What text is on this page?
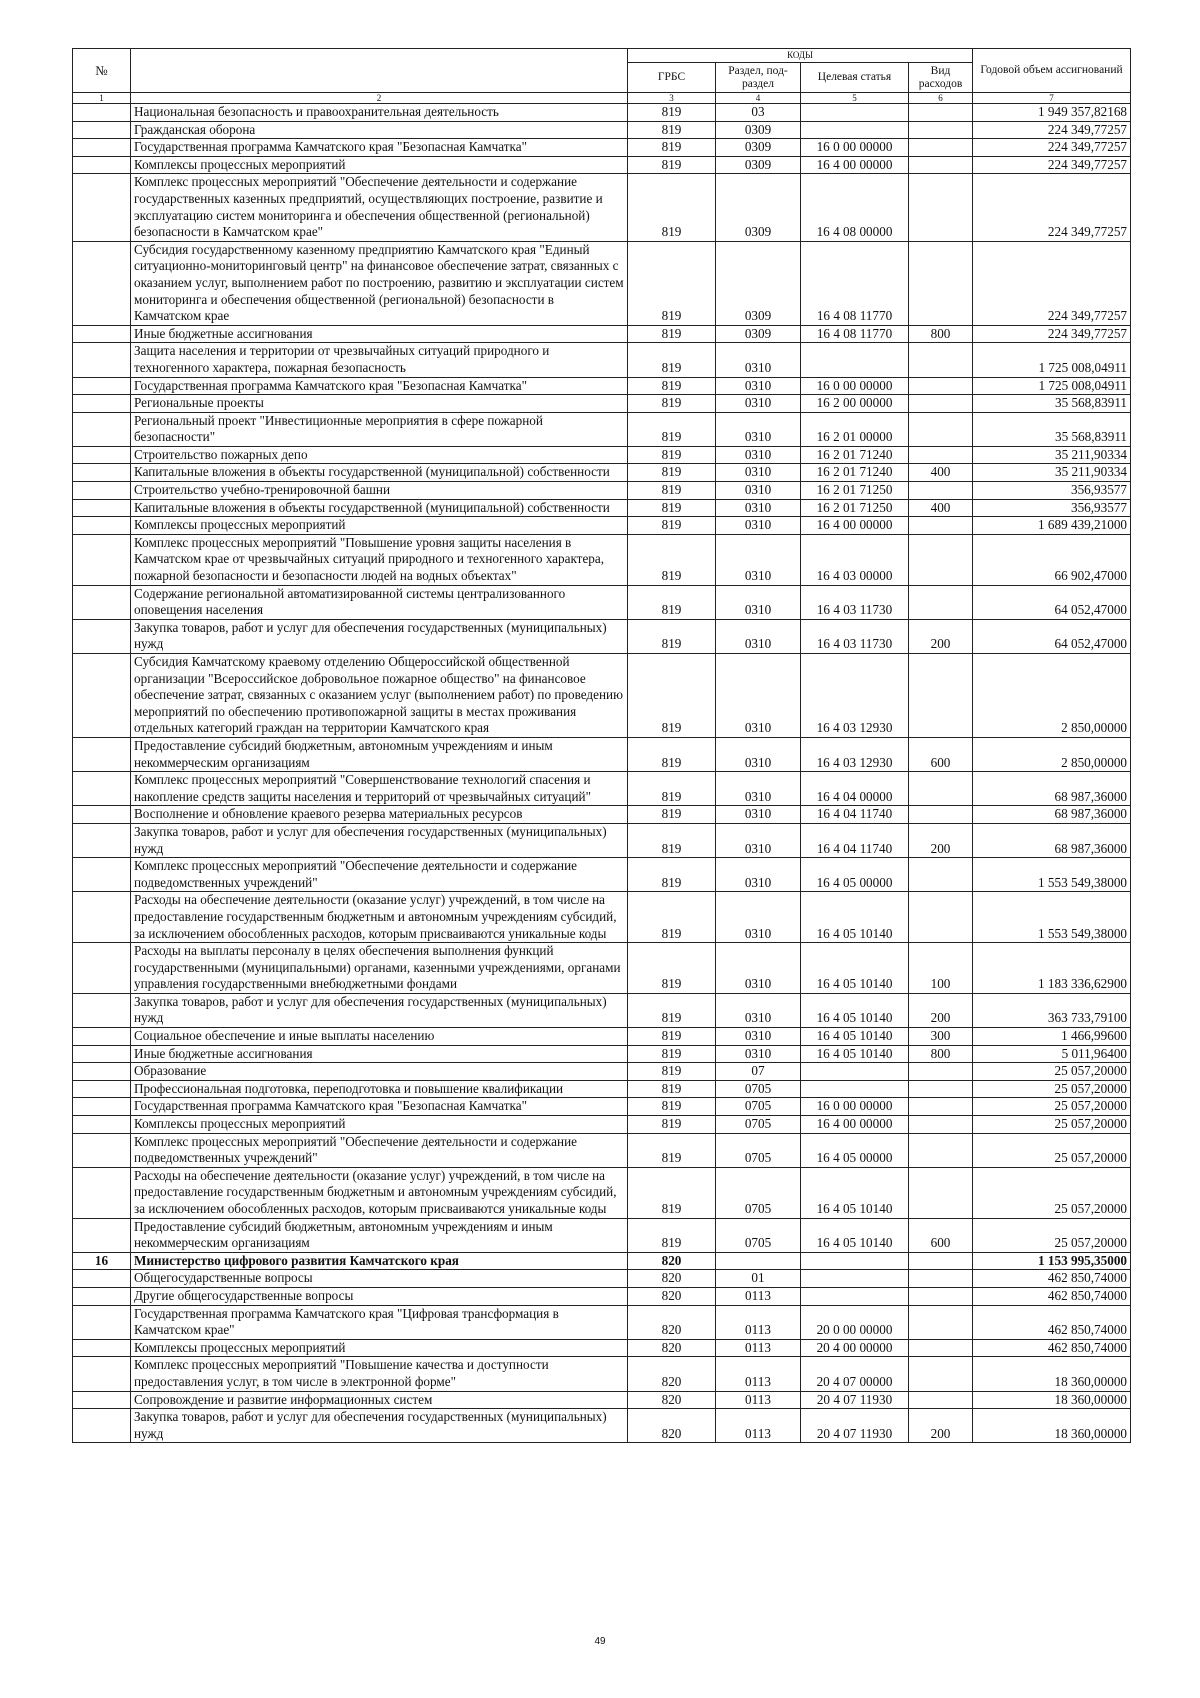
№		КОДЫ				Годовой объем ассигнований
		ГРБС	Раздел, под-раздел	Целевая статья	Вид расходов	

1	2	3	4	5	6	7
	Национальная безопасность и правоохранительная деятельность	819	03			1 949 357,82168
	Гражданская оборона	819	0309			224 349,77257
	Государственная программа Камчатского края "Безопасная Камчатка"	819	0309	16 0 00 00000		224 349,77257
	Комплексы процессных мероприятий	819	0309	16 4 00 00000		224 349,77257
	Комплекс процессных мероприятий "Обеспечение деятельности и содержание государственных казенных предприятий, осуществляющих построение, развитие и эксплуатацию систем мониторинга и обеспечения общественной (региональной) безопасности в Камчатском крае"	819	0309	16 4 08 00000		224 349,77257
	Субсидия государственному казенному предприятию Камчатского края "Единый ситуационно-мониторинговый центр" на финансовое обеспечение затрат, связанных с оказанием услуг, выполнением работ по построению, развитию и эксплуатации систем мониторинга и обеспечения общественной (региональной) безопасности в Камчатском крае	819	0309	16 4 08 11770		224 349,77257
	Иные бюджетные ассигнования	819	0309	16 4 08 11770	800	224 349,77257
	Защита населения и территории от чрезвычайных ситуаций природного и техногенного характера, пожарная безопасность	819	0310			1 725 008,04911
	Государственная программа Камчатского края "Безопасная Камчатка"	819	0310	16 0 00 00000		1 725 008,04911
	Региональные проекты	819	0310	16 2 00 00000		35 568,83911
	Региональный проект "Инвестиционные мероприятия в сфере пожарной безопасности"	819	0310	16 2 01 00000		35 568,83911
	Строительство пожарных депо	819	0310	16 2 01 71240		35 211,90334
	Капитальные вложения в объекты государственной (муниципальной) собственности	819	0310	16 2 01 71240	400	35 211,90334
	Строительство учебно-тренировочной башни	819	0310	16 2 01 71250		356,93577
	Капитальные вложения в объекты государственной (муниципальной) собственности	819	0310	16 2 01 71250	400	356,93577
	Комплексы процессных мероприятий	819	0310	16 4 00 00000		1 689 439,21000
	Комплекс процессных мероприятий "Повышение уровня защиты населения в Камчатском крае от чрезвычайных ситуаций природного и техногенного характера, пожарной безопасности и безопасности людей на водных объектах"	819	0310	16 4 03 00000		66 902,47000
	Содержание региональной автоматизированной системы централизованного оповещения населения	819	0310	16 4 03 11730		64 052,47000
	Закупка товаров, работ и услуг для обеспечения государственных (муниципальных) нужд	819	0310	16 4 03 11730	200	64 052,47000
	Субсидия Камчатскому краевому отделению Общероссийской общественной организации "Всероссийское добровольное пожарное общество" на финансовое обеспечение затрат, связанных с оказанием услуг (выполнением работ) по проведению мероприятий по обеспечению противопожарной защиты в местах проживания отдельных категорий граждан на территории Камчатского края	819	0310	16 4 03 12930		2 850,00000
	Предоставление субсидий бюджетным, автономным учреждениям и иным некоммерческим организациям	819	0310	16 4 03 12930	600	2 850,00000
	Комплекс процессных мероприятий "Совершенствование технологий спасения и накопление средств защиты населения и территорий от чрезвычайных ситуаций"	819	0310	16 4 04 00000		68 987,36000
	Восполнение и обновление краевого резерва материальных ресурсов	819	0310	16 4 04 11740		68 987,36000
	Закупка товаров, работ и услуг для обеспечения государственных (муниципальных) нужд	819	0310	16 4 04 11740	200	68 987,36000
	Комплекс процессных мероприятий "Обеспечение деятельности и содержание подведомственных учреждений"	819	0310	16 4 05 00000		1 553 549,38000
	Расходы на обеспечение деятельности (оказание услуг) учреждений, в том числе на предоставление государственным бюджетным и автономным учреждениям субсидий, за исключением обособленных расходов, которым присваиваются уникальные коды	819	0310	16 4 05 10140		1 553 549,38000
	Расходы на выплаты персоналу в целях обеспечения выполнения функций государственными (муниципальными) органами, казенными учреждениями, органами управления государственными внебюджетными фондами	819	0310	16 4 05 10140	100	1 183 336,62900
	Закупка товаров, работ и услуг для обеспечения государственных (муниципальных) нужд	819	0310	16 4 05 10140	200	363 733,79100
	Социальное обеспечение и иные выплаты населению	819	0310	16 4 05 10140	300	1 466,99600
	Иные бюджетные ассигнования	819	0310	16 4 05 10140	800	5 011,96400
	Образование	819	07			25 057,20000
	Профессиональная подготовка, переподготовка и повышение квалификации	819	0705			25 057,20000
	Государственная программа Камчатского края "Безопасная Камчатка"	819	0705	16 0 00 00000		25 057,20000
	Комплексы процессных мероприятий	819	0705	16 4 00 00000		25 057,20000
	Комплекс процессных мероприятий "Обеспечение деятельности и содержание подведомственных учреждений"	819	0705	16 4 05 00000		25 057,20000
	Расходы на обеспечение деятельности (оказание услуг) учреждений, в том числе на предоставление государственным бюджетным и автономным учреждениям субсидий, за исключением обособленных расходов, которым присваиваются уникальные коды	819	0705	16 4 05 10140		25 057,20000
	Предоставление субсидий бюджетным, автономным учреждениям и иным некоммерческим организациям	819	0705	16 4 05 10140	600	25 057,20000
16	Министерство цифрового развития Камчатского края	820				1 153 995,35000
	Общегосударственные вопросы	820	01			462 850,74000
	Другие общегосударственные вопросы	820	0113			462 850,74000
	Государственная программа Камчатского края "Цифровая трансформация в Камчатском крае"	820	0113	20 0 00 00000		462 850,74000
	Комплексы процессных мероприятий	820	0113	20 4 00 00000		462 850,74000
	Комплекс процессных мероприятий "Повышение качества и доступности предоставления услуг, в том числе в электронной форме"	820	0113	20 4 07 00000		18 360,00000
	Сопровождение и развитие информационных систем	820	0113	20 4 07 11930		18 360,00000
	Закупка товаров, работ и услуг для обеспечения государственных (муниципальных) нужд	820	0113	20 4 07 11930	200	18 360,00000
49
